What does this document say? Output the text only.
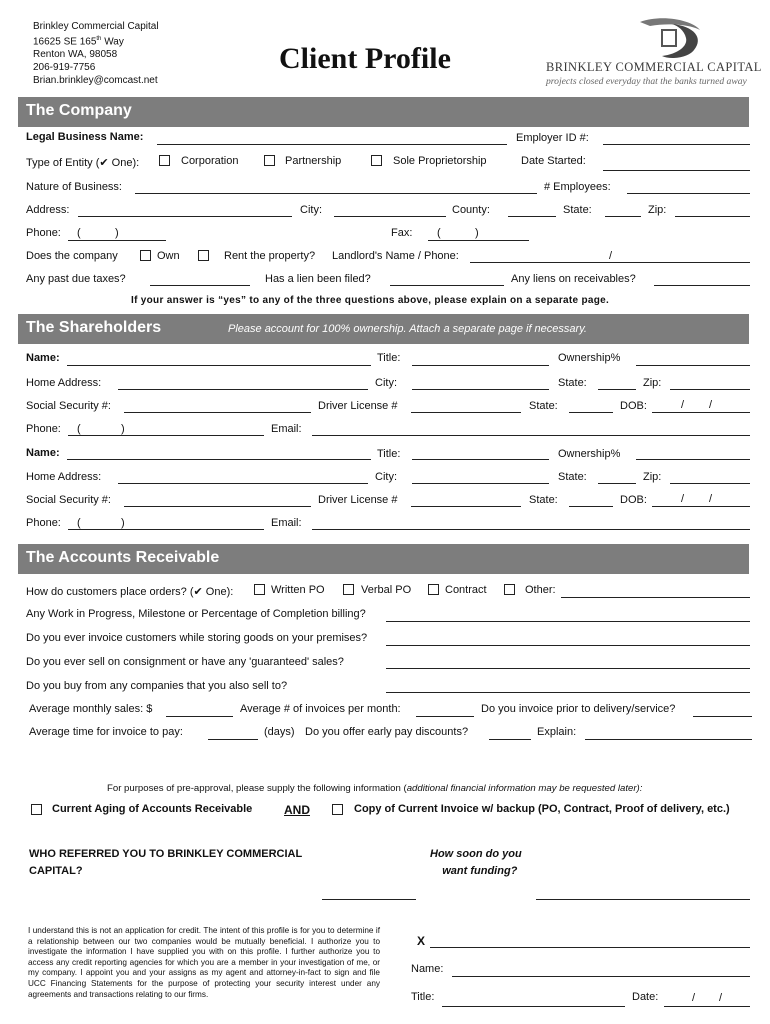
Brinkley Commercial Capital
16625 SE 165th Way
Renton WA, 98058
206-919-7756
Brian.brinkley@comcast.net
Client Profile	BRINKLEY COMMERCIAL CAPITAL
projects closed everyday that the banks turned away
The Company
Legal Business Name:	Employer ID #:
Type of Entity (✔ One):	Corporation	Partnership	Sole Proprietorship	Date Started:
Nature of Business:	# Employees:
Address:	City:	County:	State:	Zip:
Phone: (	)	Fax: (	)
Does the company	Own	Rent the property? Landlord's Name / Phone:	/
Any past due taxes?	Has a lien been filed?	Any liens on receivables?
If your answer is “yes” to any of the three questions above, please explain on a separate page.
The Shareholders	Please account for 100% ownership. Attach a separate page if necessary.
Name:	Title:	Ownership%
Home Address:	City:	State:	Zip:
Social Security #:	Driver License #	State:	DOB:	/ /
Phone: (	)	Email:
Name:	Title:	Ownership%
Home Address:	City:	State:	Zip:
Social Security #:	Driver License #	State:	DOB:	/ /
Phone: (	)	Email:
The Accounts Receivable
How do customers place orders? (✔ One):	Written PO	Verbal PO	Contract	Other:
Any Work in Progress, Milestone or Percentage of Completion billing?
Do you ever invoice customers while storing goods on your premises?
Do you ever sell on consignment or have any 'guaranteed' sales?
Do you buy from any companies that you also sell to?
Average monthly sales: $	Average # of invoices per month:	Do you invoice prior to delivery/service?
Average time for invoice to pay:	(days) Do you offer early pay discounts?	Explain:
For purposes of pre-approval, please supply the following information (additional financial information may be requested later):
Current Aging of Accounts Receivable	AND	Copy of Current Invoice w/ backup (PO, Contract, Proof of delivery, etc.)
WHO REFERRED YOU TO BRINKLEY COMMERCIAL
CAPITAL?
How soon do you
want funding?
I understand this is not an application for credit. The intent of this profile is for you to determine if a relationship between our two companies would be mutually beneficial. I authorize you to investigate the information I have supplied you with on this profile. I further authorize you to access any credit reporting agencies for which you are a member in your investigation of me, or my company. I appoint you and your assigns as my agent and attorney-in-fact to sign and file UCC Financing Statements for the purpose of protecting your security interest under any agreements and transactions relating to our firms.
X
Name:
Title:	Date:	/ /
